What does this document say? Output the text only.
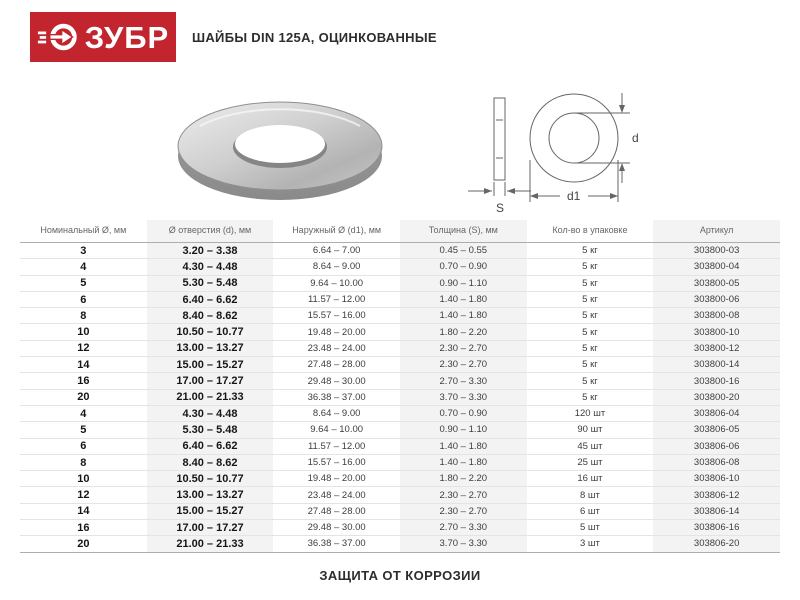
ЗУБР ШАЙБЫ DIN 125А, ОЦИНКОВАННЫЕ
S
d1
d
Номинальный Ø, мм	Ø отверстия (d), мм	Наружный Ø (d1), мм	Толщина (S), мм	Кол-во в упаковке	Артикул
3	3.20 – 3.38	6.64 – 7.00	0.45 – 0.55	5 кг	303800-03
4	4.30 – 4.48	8.64 – 9.00	0.70 – 0.90	5 кг	303800-04
5	5.30 – 5.48	9.64 – 10.00	0.90 – 1.10	5 кг	303800-05
6	6.40 – 6.62	11.57 – 12.00	1.40 – 1.80	5 кг	303800-06
8	8.40 – 8.62	15.57 – 16.00	1.40 – 1.80	5 кг	303800-08
10	10.50 – 10.77	19.48 – 20.00	1.80 – 2.20	5 кг	303800-10
12	13.00 – 13.27	23.48 – 24.00	2.30 – 2.70	5 кг	303800-12
14	15.00 – 15.27	27.48 – 28.00	2.30 – 2.70	5 кг	303800-14
16	17.00 – 17.27	29.48 – 30.00	2.70 – 3.30	5 кг	303800-16
20	21.00 – 21.33	36.38 – 37.00	3.70 – 3.30	5 кг	303800-20
4	4.30 – 4.48	8.64 – 9.00	0.70 – 0.90	120 шт	303806-04
5	5.30 – 5.48	9.64 – 10.00	0.90 – 1.10	90 шт	303806-05
6	6.40 – 6.62	11.57 – 12.00	1.40 – 1.80	45 шт	303806-06
8	8.40 – 8.62	15.57 – 16.00	1.40 – 1.80	25 шт	303806-08
10	10.50 – 10.77	19.48 – 20.00	1.80 – 2.20	16 шт	303806-10
12	13.00 – 13.27	23.48 – 24.00	2.30 – 2.70	8 шт	303806-12
14	15.00 – 15.27	27.48 – 28.00	2.30 – 2.70	6 шт	303806-14
16	17.00 – 17.27	29.48 – 30.00	2.70 – 3.30	5 шт	303806-16
20	21.00 – 21.33	36.38 – 37.00	3.70 – 3.30	3 шт	303806-20
ЗАЩИТА ОТ КОРРОЗИИ
